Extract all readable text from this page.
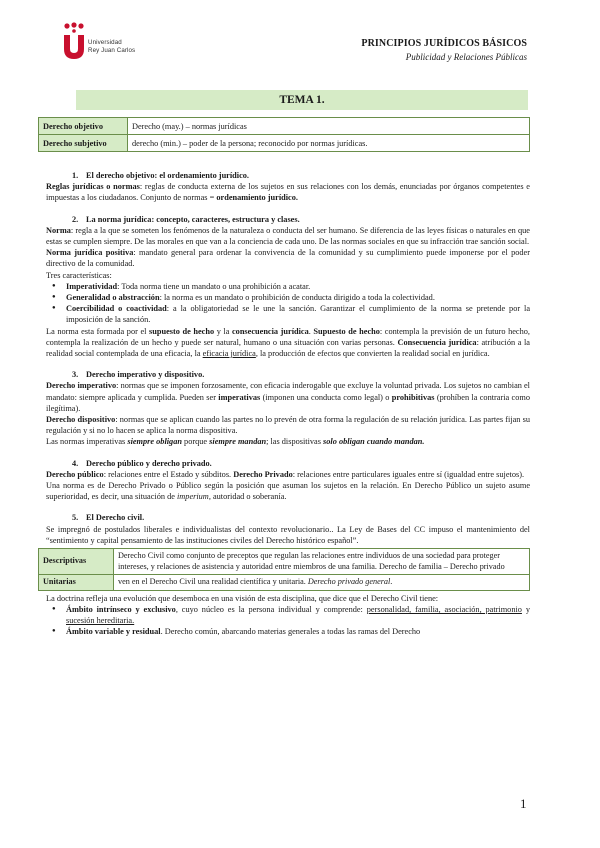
Universidad
Rey Juan Carlos
PRINCIPIOS JURÍDICOS BÁSICOS
Publicidad y Relaciones Públicas
TEMA 1.
Derecho objetivo	Derecho (may.) – normas jurídicas
Derecho subjetivo	derecho (min.) – poder de la persona; reconocido por normas jurídicas.

1. El derecho objetivo: el ordenamiento jurídico.

Reglas jurídicas o normas: reglas de conducta externa de los sujetos en sus relaciones con los demás, enunciadas por órganos competentes e impuestas a los ciudadanos. Conjunto de normas = ordenamiento jurídico.

2. La norma jurídica: concepto, caracteres, estructura y clases.

Norma: regla a la que se someten los fenómenos de la naturaleza o conducta del ser humano. Se diferencia de las leyes físicas o naturales en que estas se cumplen siempre. De las morales en que van a la conciencia de cada uno. De las normas sociales en que su infracción trae sanción social.

Norma jurídica positiva: mandato general para ordenar la convivencia de la comunidad y su cumplimiento puede imponerse por el poder directivo de la comunidad.

Tres características:

● Imperatividad: Toda norma tiene un mandato o una prohibición a acatar.
● Generalidad o abstracción: la norma es un mandato o prohibición de conducta dirigido a toda la colectividad.
● Coercibilidad o coactividad: a la obligatoriedad se le une la sanción. Garantizar el cumplimiento de la norma se pretende por la imposición de la sanción.

La norma esta formada por el supuesto de hecho y la consecuencia jurídica. Supuesto de hecho: contempla la previsión de un futuro hecho, contempla la realización de un hecho y puede ser natural, humano o una situación con varias personas. Consecuencia jurídica: atribución a la realidad social contemplada de una eficacia, la eficacia jurídica, la producción de efectos que convierten la realidad social en jurídica.

3. Derecho imperativo y dispositivo.

Derecho imperativo: normas que se imponen forzosamente, con eficacia inderogable que excluye la voluntad privada. Los sujetos no cambian el mandato: siempre aplicada y cumplida. Pueden ser imperativas (imponen una conducta como legal) o prohibitivas (prohíben la contraria como ilegítima).

Derecho dispositivo: normas que se aplican cuando las partes no lo prevén de otra forma la regulación de su relación jurídica. Las partes fijan su regulación y si no lo hacen se aplica la norma dispositiva.

Las normas imperativas siempre obligan porque siempre mandan; las dispositivas solo obligan cuando mandan.

4. Derecho público y derecho privado.

Derecho público: relaciones entre el Estado y súbditos. Derecho Privado: relaciones entre particulares iguales entre sí (igualdad entre sujetos).

Una norma es de Derecho Privado o Público según la posición que asuman los sujetos en la relación. En Derecho Público un sujeto asume superioridad, es decir, una situación de imperium, autoridad o soberanía.

5. El Derecho civil.

Se impregnó de postulados liberales e individualistas del contexto revolucionario.. La Ley de Bases del CC impuso el mantenimiento del “sentimiento y capital pensamiento de las instituciones civiles del Derecho histórico español”.

Descriptivas	Derecho Civil como conjunto de preceptos que regulan las relaciones entre individuos de una sociedad para proteger intereses, y relaciones de asistencia y autoridad entre miembros de una familia. Derecho de familia – Derecho privado
Unitarias	ven en el Derecho Civil una realidad científica y unitaria. Derecho privado general.

La doctrina refleja una evolución que desemboca en una visión de esta disciplina, que dice que el Derecho Civil tiene:

● Ámbito intrínseco y exclusivo, cuyo núcleo es la persona individual y comprende: personalidad, familia, asociación, patrimonio y sucesión hereditaria.
● Ámbito variable y residual. Derecho común, abarcando materias generales a todas las ramas del Derecho
1
